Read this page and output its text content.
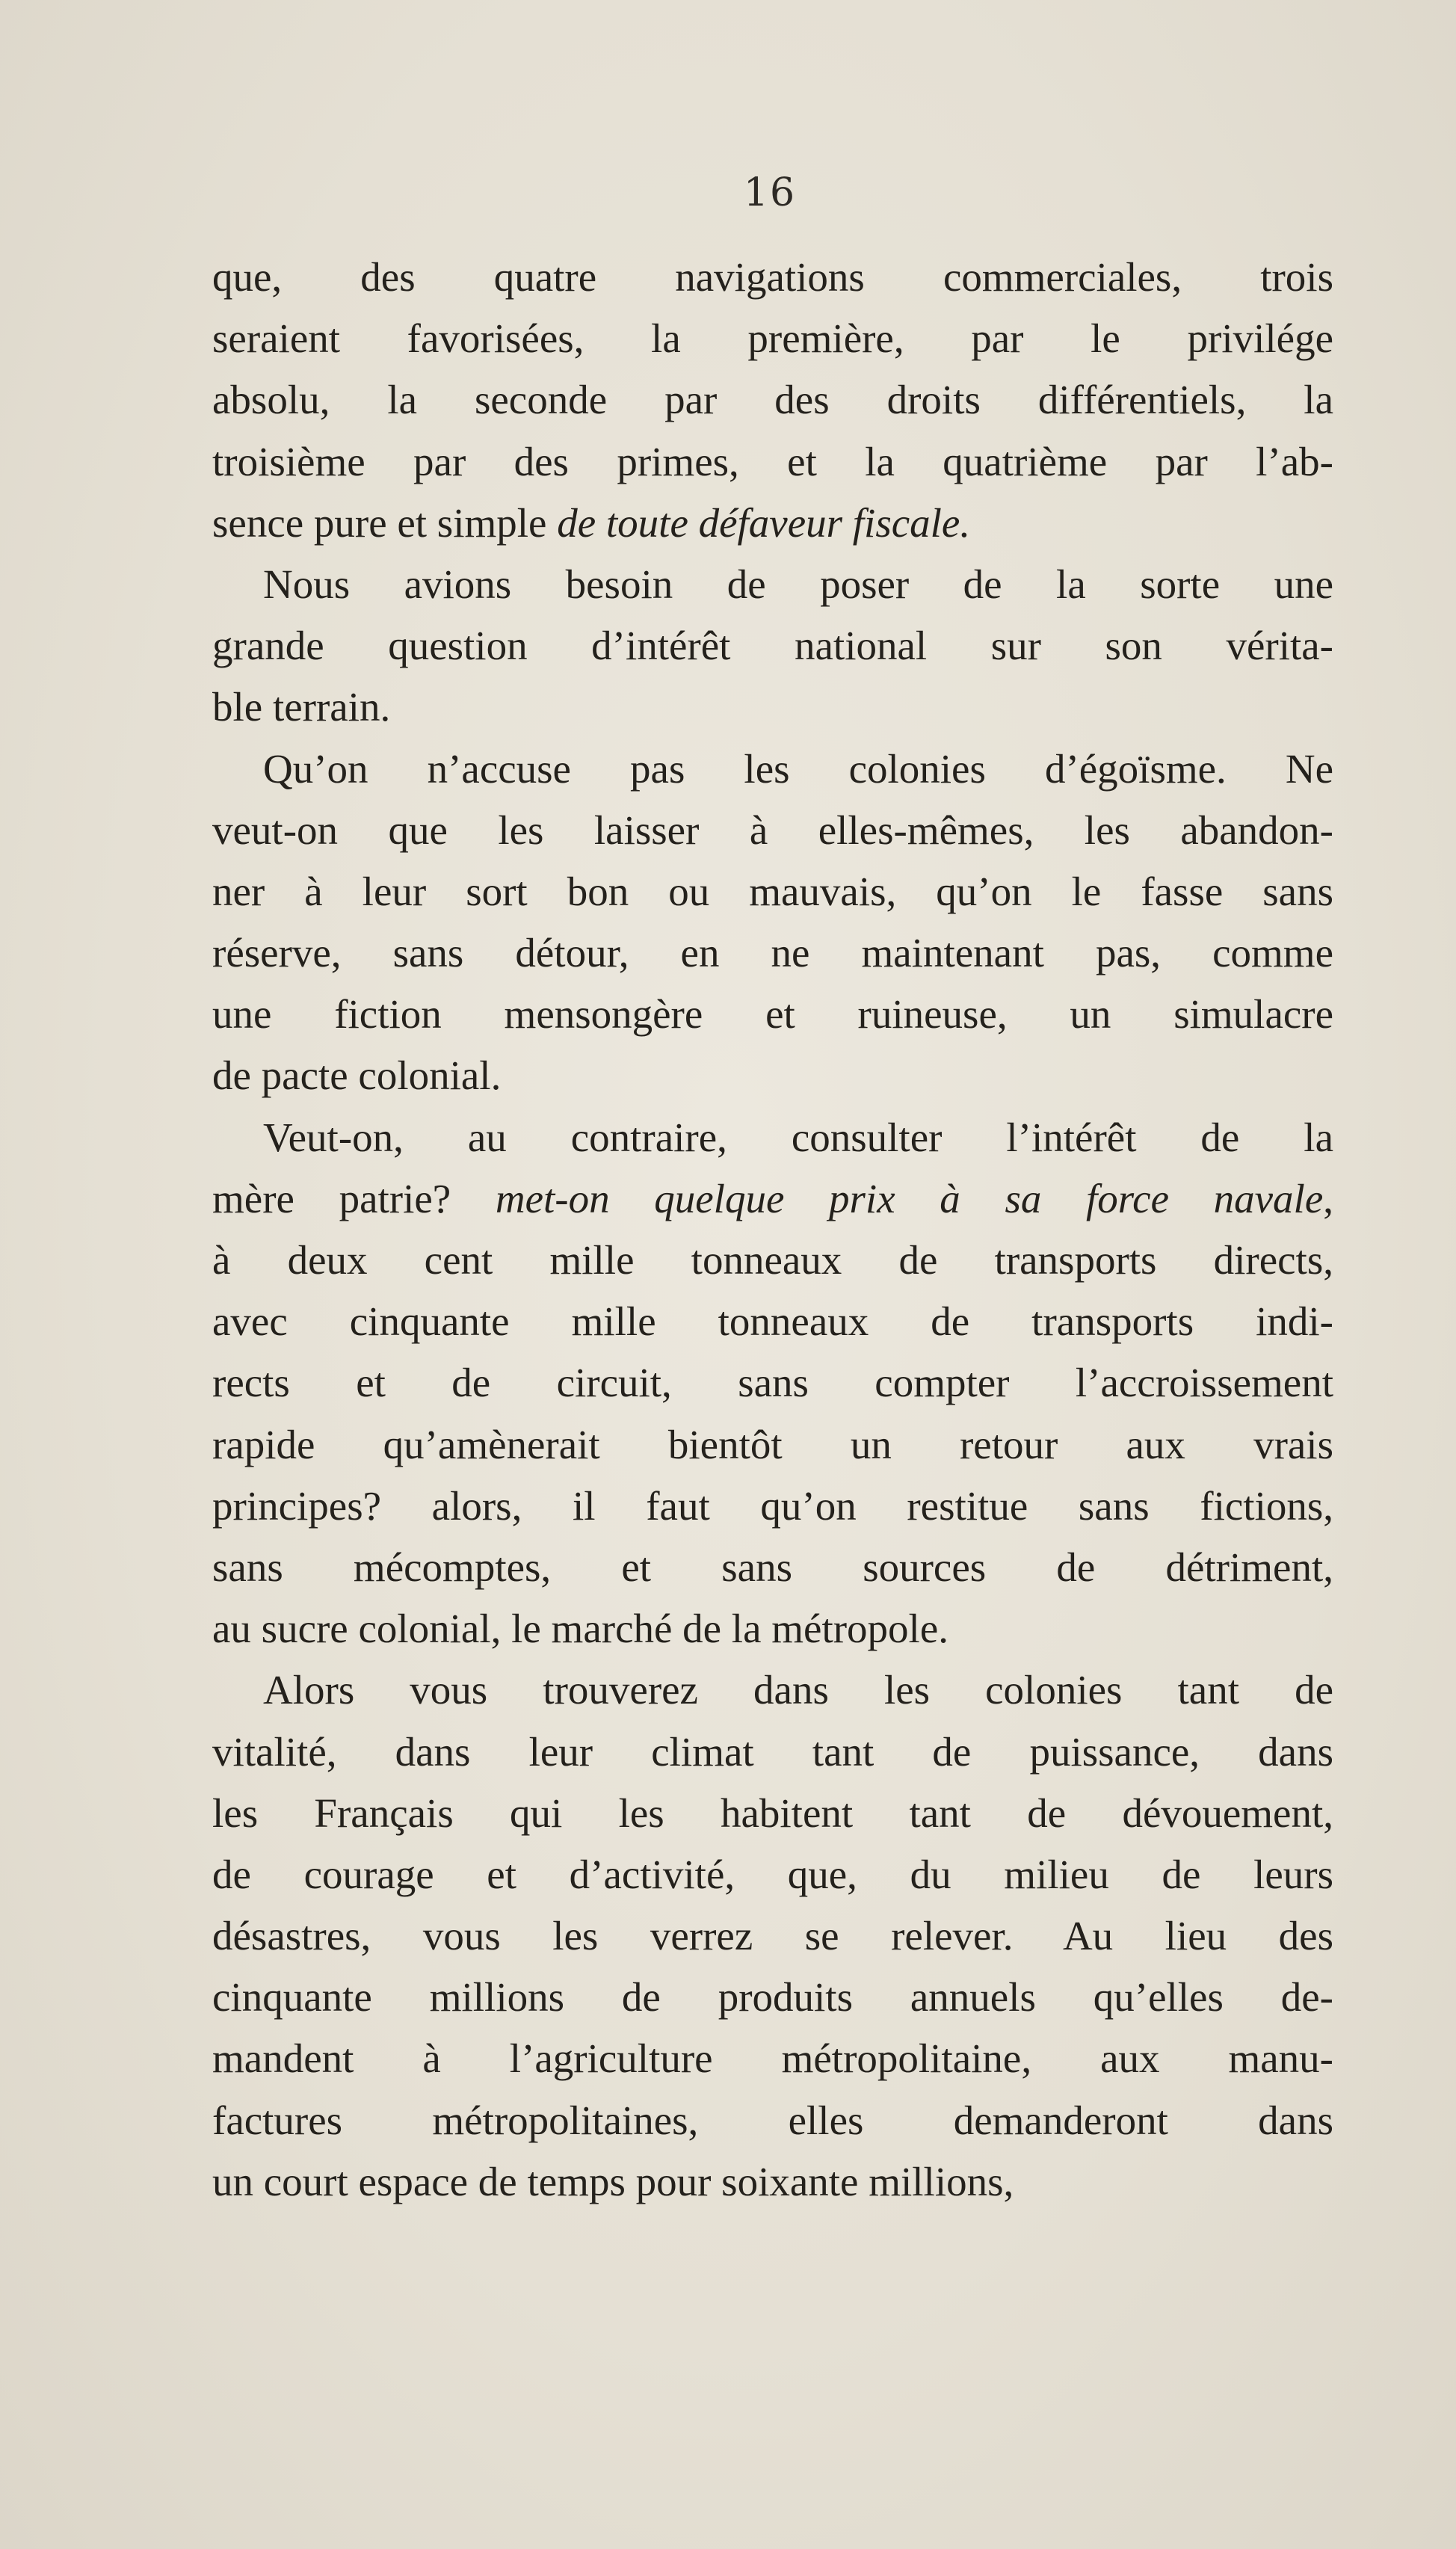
16
que, des quatre navigations commerciales, trois
seraient favorisées, la première, par le privilége
absolu, la seconde par des droits différentiels, la
troisième par des primes, et la quatrième par l’ab-
sence pure et simple de toute défaveur fiscale.
Nous avions besoin de poser de la sorte une
grande question d’intérêt national sur son vérita-
ble terrain.
Qu’on n’accuse pas les colonies d’égoïsme. Ne
veut-on que les laisser à elles-mêmes, les abandon-
ner à leur sort bon ou mauvais, qu’on le fasse sans
réserve, sans détour, en ne maintenant pas, comme
une fiction mensongère et ruineuse, un simulacre
de pacte colonial.
Veut-on, au contraire, consulter l’intérêt de la
mère patrie? met-on quelque prix à sa force navale,
à deux cent mille tonneaux de transports directs,
avec cinquante mille tonneaux de transports indi-
rects et de circuit, sans compter l’accroissement
rapide qu’amènerait bientôt un retour aux vrais
principes? alors, il faut qu’on restitue sans fictions,
sans mécomptes, et sans sources de détriment,
au sucre colonial, le marché de la métropole.
Alors vous trouverez dans les colonies tant de
vitalité, dans leur climat tant de puissance, dans
les Français qui les habitent tant de dévouement,
de courage et d’activité, que, du milieu de leurs
désastres, vous les verrez se relever. Au lieu des
cinquante millions de produits annuels qu’elles de-
mandent à l’agriculture métropolitaine, aux manu-
factures métropolitaines, elles demanderont dans
un court espace de temps pour soixante millions,
